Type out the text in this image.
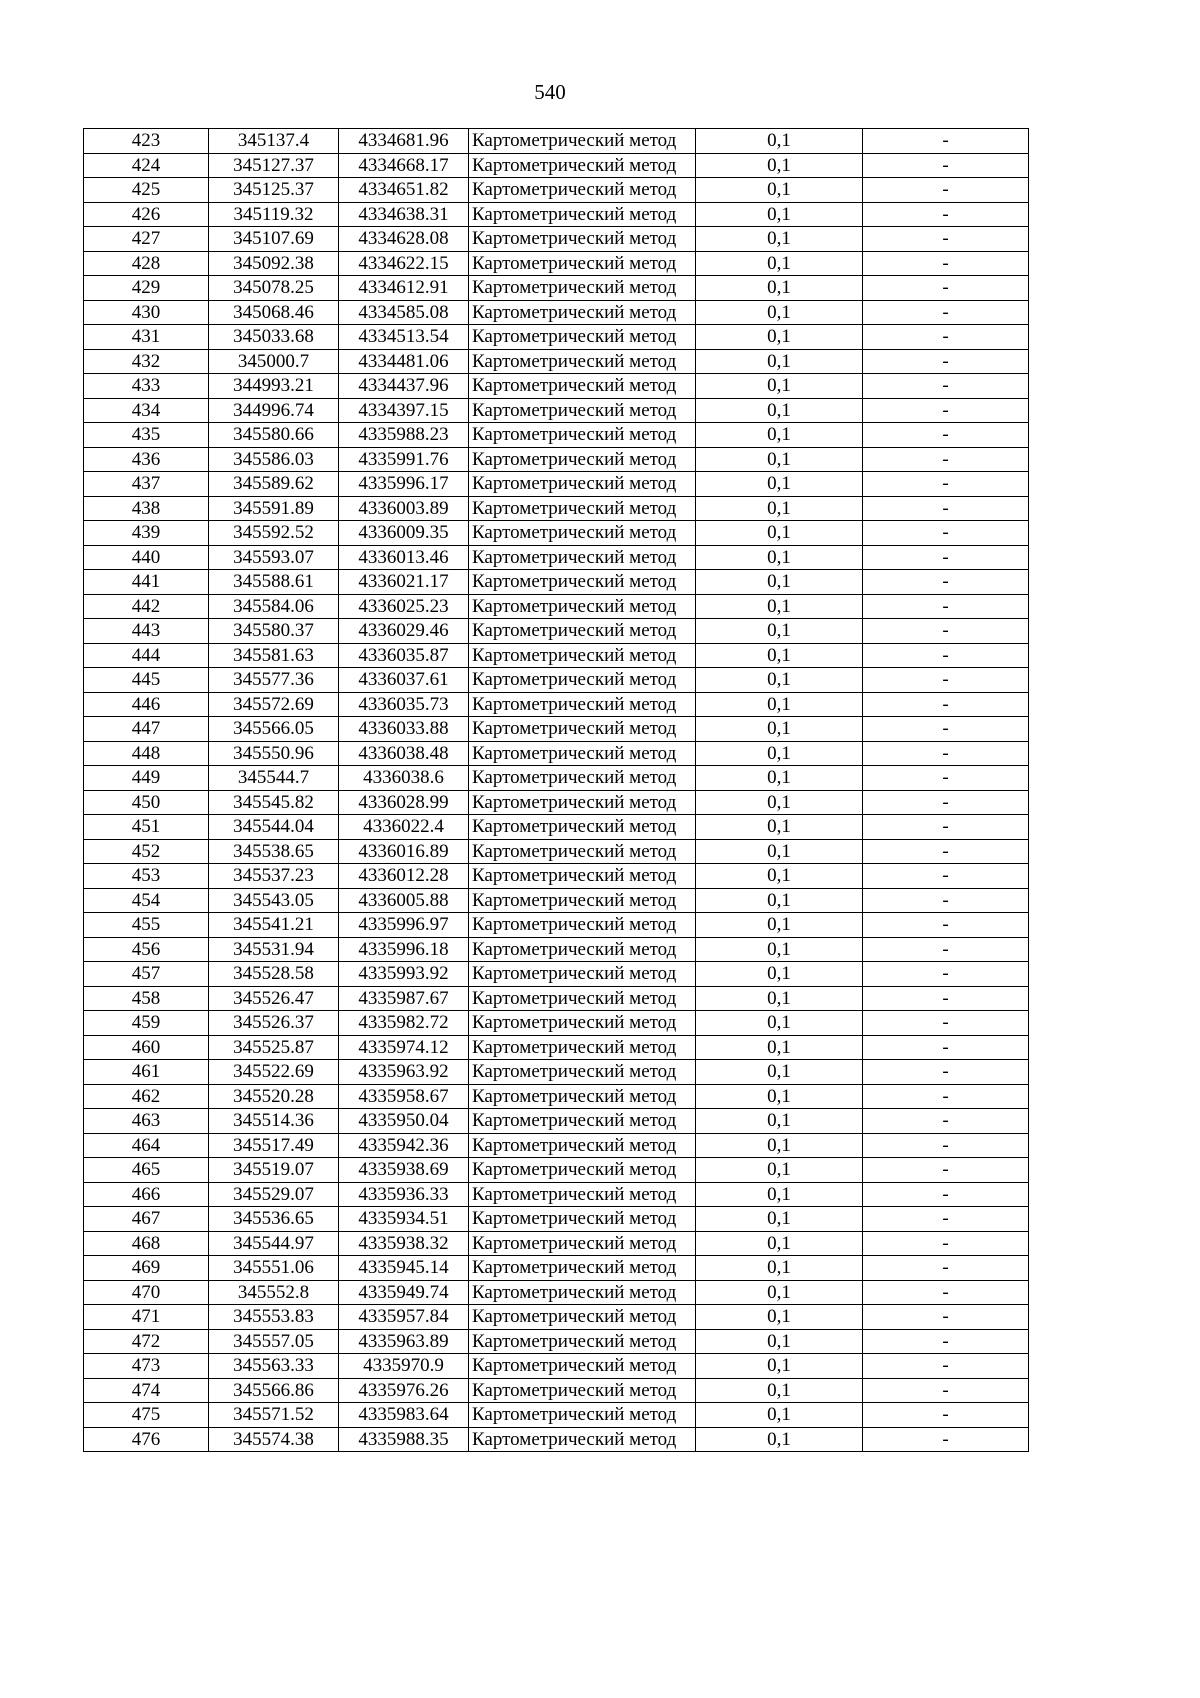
540
423	345137.4	4334681.96	Картометрический метод	0,1	-
424	345127.37	4334668.17	Картометрический метод	0,1	-
425	345125.37	4334651.82	Картометрический метод	0,1	-
426	345119.32	4334638.31	Картометрический метод	0,1	-
427	345107.69	4334628.08	Картометрический метод	0,1	-
428	345092.38	4334622.15	Картометрический метод	0,1	-
429	345078.25	4334612.91	Картометрический метод	0,1	-
430	345068.46	4334585.08	Картометрический метод	0,1	-
431	345033.68	4334513.54	Картометрический метод	0,1	-
432	345000.7	4334481.06	Картометрический метод	0,1	-
433	344993.21	4334437.96	Картометрический метод	0,1	-
434	344996.74	4334397.15	Картометрический метод	0,1	-
435	345580.66	4335988.23	Картометрический метод	0,1	-
436	345586.03	4335991.76	Картометрический метод	0,1	-
437	345589.62	4335996.17	Картометрический метод	0,1	-
438	345591.89	4336003.89	Картометрический метод	0,1	-
439	345592.52	4336009.35	Картометрический метод	0,1	-
440	345593.07	4336013.46	Картометрический метод	0,1	-
441	345588.61	4336021.17	Картометрический метод	0,1	-
442	345584.06	4336025.23	Картометрический метод	0,1	-
443	345580.37	4336029.46	Картометрический метод	0,1	-
444	345581.63	4336035.87	Картометрический метод	0,1	-
445	345577.36	4336037.61	Картометрический метод	0,1	-
446	345572.69	4336035.73	Картометрический метод	0,1	-
447	345566.05	4336033.88	Картометрический метод	0,1	-
448	345550.96	4336038.48	Картометрический метод	0,1	-
449	345544.7	4336038.6	Картометрический метод	0,1	-
450	345545.82	4336028.99	Картометрический метод	0,1	-
451	345544.04	4336022.4	Картометрический метод	0,1	-
452	345538.65	4336016.89	Картометрический метод	0,1	-
453	345537.23	4336012.28	Картометрический метод	0,1	-
454	345543.05	4336005.88	Картометрический метод	0,1	-
455	345541.21	4335996.97	Картометрический метод	0,1	-
456	345531.94	4335996.18	Картометрический метод	0,1	-
457	345528.58	4335993.92	Картометрический метод	0,1	-
458	345526.47	4335987.67	Картометрический метод	0,1	-
459	345526.37	4335982.72	Картометрический метод	0,1	-
460	345525.87	4335974.12	Картометрический метод	0,1	-
461	345522.69	4335963.92	Картометрический метод	0,1	-
462	345520.28	4335958.67	Картометрический метод	0,1	-
463	345514.36	4335950.04	Картометрический метод	0,1	-
464	345517.49	4335942.36	Картометрический метод	0,1	-
465	345519.07	4335938.69	Картометрический метод	0,1	-
466	345529.07	4335936.33	Картометрический метод	0,1	-
467	345536.65	4335934.51	Картометрический метод	0,1	-
468	345544.97	4335938.32	Картометрический метод	0,1	-
469	345551.06	4335945.14	Картометрический метод	0,1	-
470	345552.8	4335949.74	Картометрический метод	0,1	-
471	345553.83	4335957.84	Картометрический метод	0,1	-
472	345557.05	4335963.89	Картометрический метод	0,1	-
473	345563.33	4335970.9	Картометрический метод	0,1	-
474	345566.86	4335976.26	Картометрический метод	0,1	-
475	345571.52	4335983.64	Картометрический метод	0,1	-
476	345574.38	4335988.35	Картометрический метод	0,1	-
